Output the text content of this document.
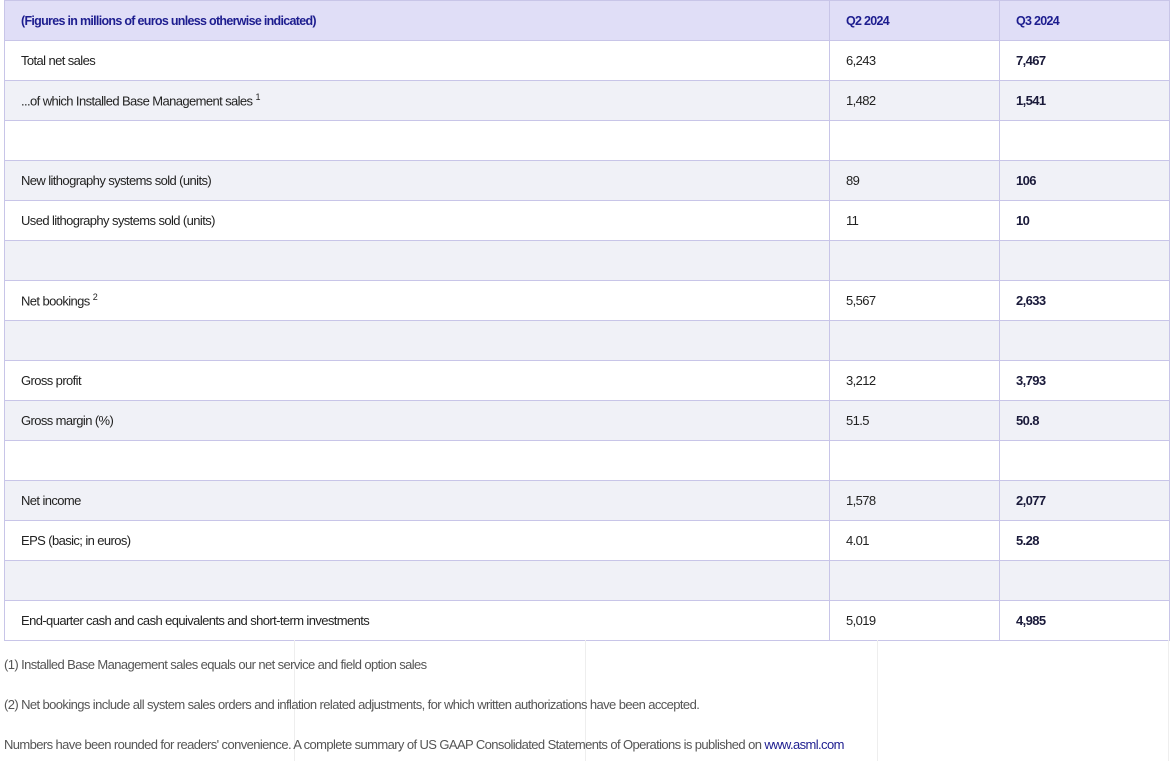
(Figures in millions of euros unless otherwise indicated)	Q2 2024	Q3 2024
Total net sales	6,243	7,467
...of which Installed Base Management sales $^1$	1,482	1,541

New lithography systems sold (units)	89	106
Used lithography systems sold (units)	11	10

Net bookings $^2$	5,567	2,633

Gross profit	3,212	3,793
Gross margin (%)	51.5	50.8

Net income	1,578	2,077
EPS (basic; in euros)	4.01	5.28

End-quarter cash and cash equivalents and short-term investments	5,019	4,985
(1) Installed Base Management sales equals our net service and field option sales
(2) Net bookings include all system sales orders and inflation related adjustments, for which written authorizations have been accepted.
Numbers have been rounded for readers' convenience. A complete summary of US GAAP Consolidated Statements of Operations is published on www.asml.com
